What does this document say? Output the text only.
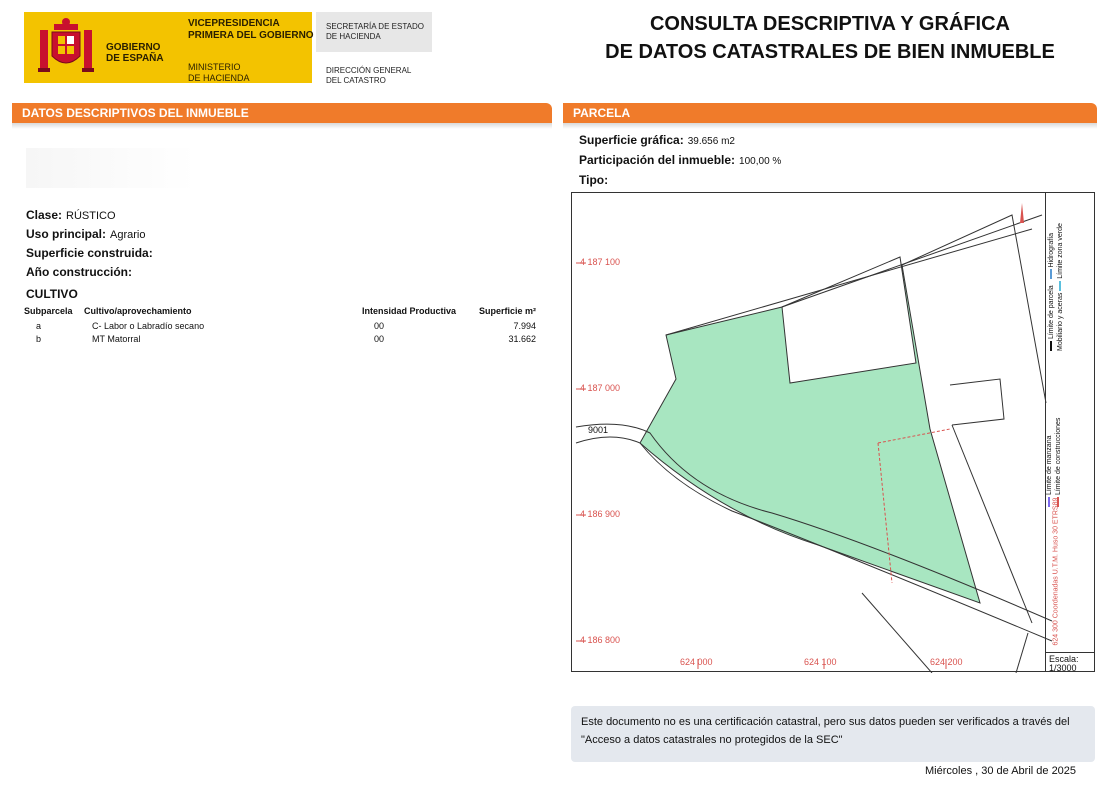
GOBIERNO
DE ESPAÑA
VICEPRESIDENCIA
PRIMERA DEL GOBIERNO
MINISTERIO
DE HACIENDA
SECRETARÍA DE ESTADO
DE HACIENDA
DIRECCIÓN GENERAL
DEL CATASTRO
CONSULTA DESCRIPTIVA Y GRÁFICA
DE DATOS CATASTRALES DE BIEN INMUEBLE
DATOS DESCRIPTIVOS DEL INMUEBLE
Clase: RÚSTICO
Uso principal: Agrario
Superficie construida:
Año construcción:
CULTIVO
Subparcela	Cultivo/aprovechamiento	Intensidad Productiva	Superficie m²
a	C- Labor o Labradío secano	00	7.994
b	MT Matorral	00	31.662
PARCELA
Superficie gráfica: 39.656 m2
Participación del inmueble: 100,00 %
Tipo:
4 187 100
4 187 000
4 186 900
4 186 800
624 000	624 100	624 200
9001
Límite de parcela    Hidrografía
Mobiliario y aceras  Límite zona verde
Límite de manzana Límite de construcciones
624 300 Coordenadas U.T.M. Huso 30 ETRS89
Escala:
1/3000
Este documento no es una certificación catastral, pero sus datos pueden ser verificados a través del "Acceso a datos catastrales no protegidos de la SEC"
Miércoles , 30 de Abril de 2025
